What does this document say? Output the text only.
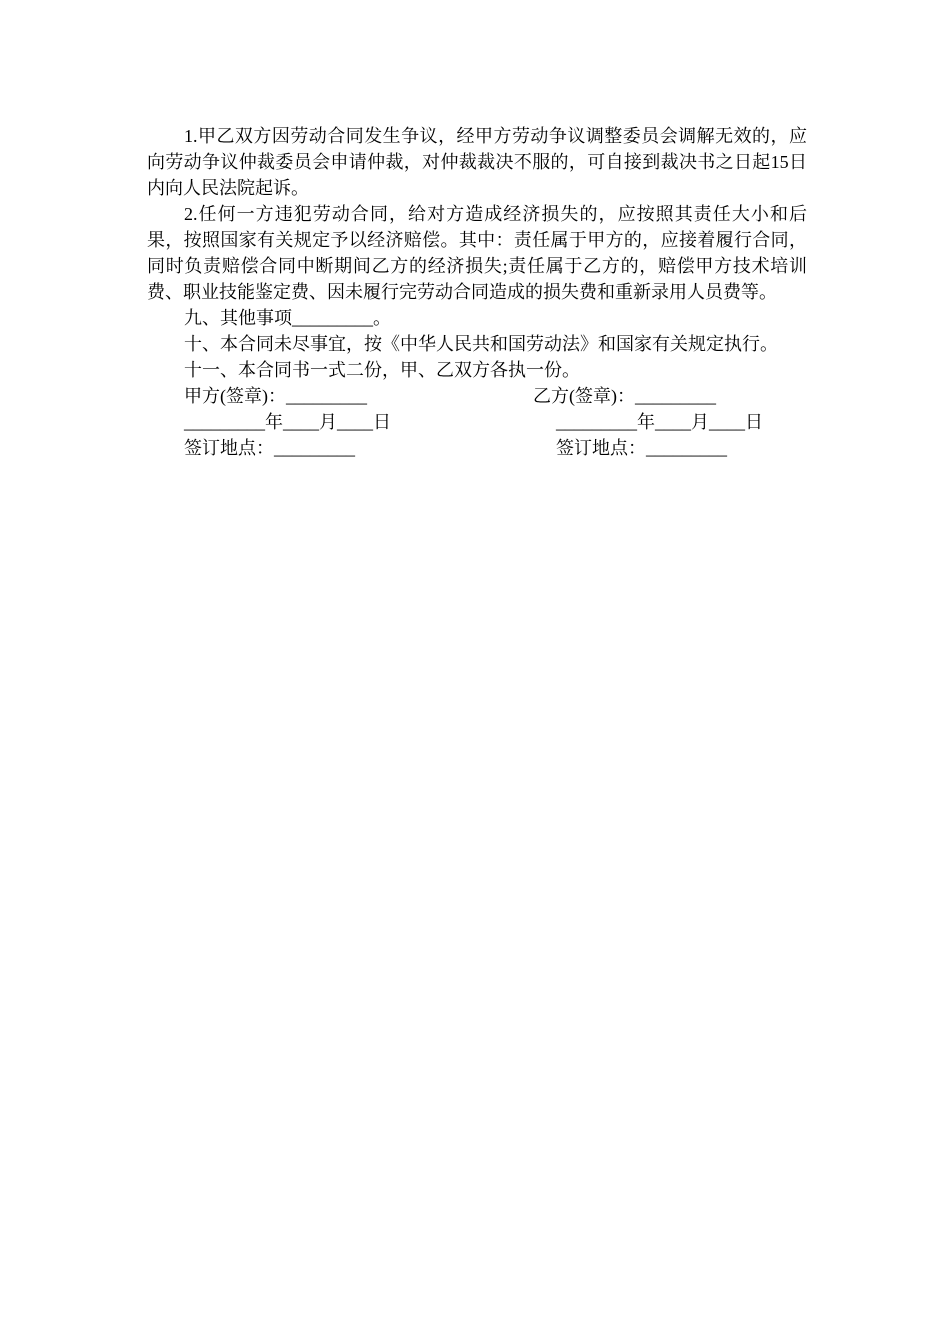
1.甲乙双方因劳动合同发生争议，经甲方劳动争议调整委员会调解无效的，应向劳动争议仲裁委员会申请仲裁，对仲裁裁决不服的，可自接到裁决书之日起15日内向人民法院起诉。

2.任何一方违犯劳动合同，给对方造成经济损失的，应按照其责任大小和后果，按照国家有关规定予以经济赔偿。其中：责任属于甲方的，应接着履行合同，同时负责赔偿合同中断期间乙方的经济损失;责任属于乙方的，赔偿甲方技术培训费、职业技能鉴定费、因未履行完劳动合同造成的损失费和重新录用人员费等。

九、其他事项_________。

十、本合同未尽事宜，按《中华人民共和国劳动法》和国家有关规定执行。

十一、本合同书一式二份，甲、乙双方各执一份。

甲方(签章)：_________	乙方(签章)：_________
_________年____月____日	_________年____月____日
签订地点：_________	签订地点：_________
